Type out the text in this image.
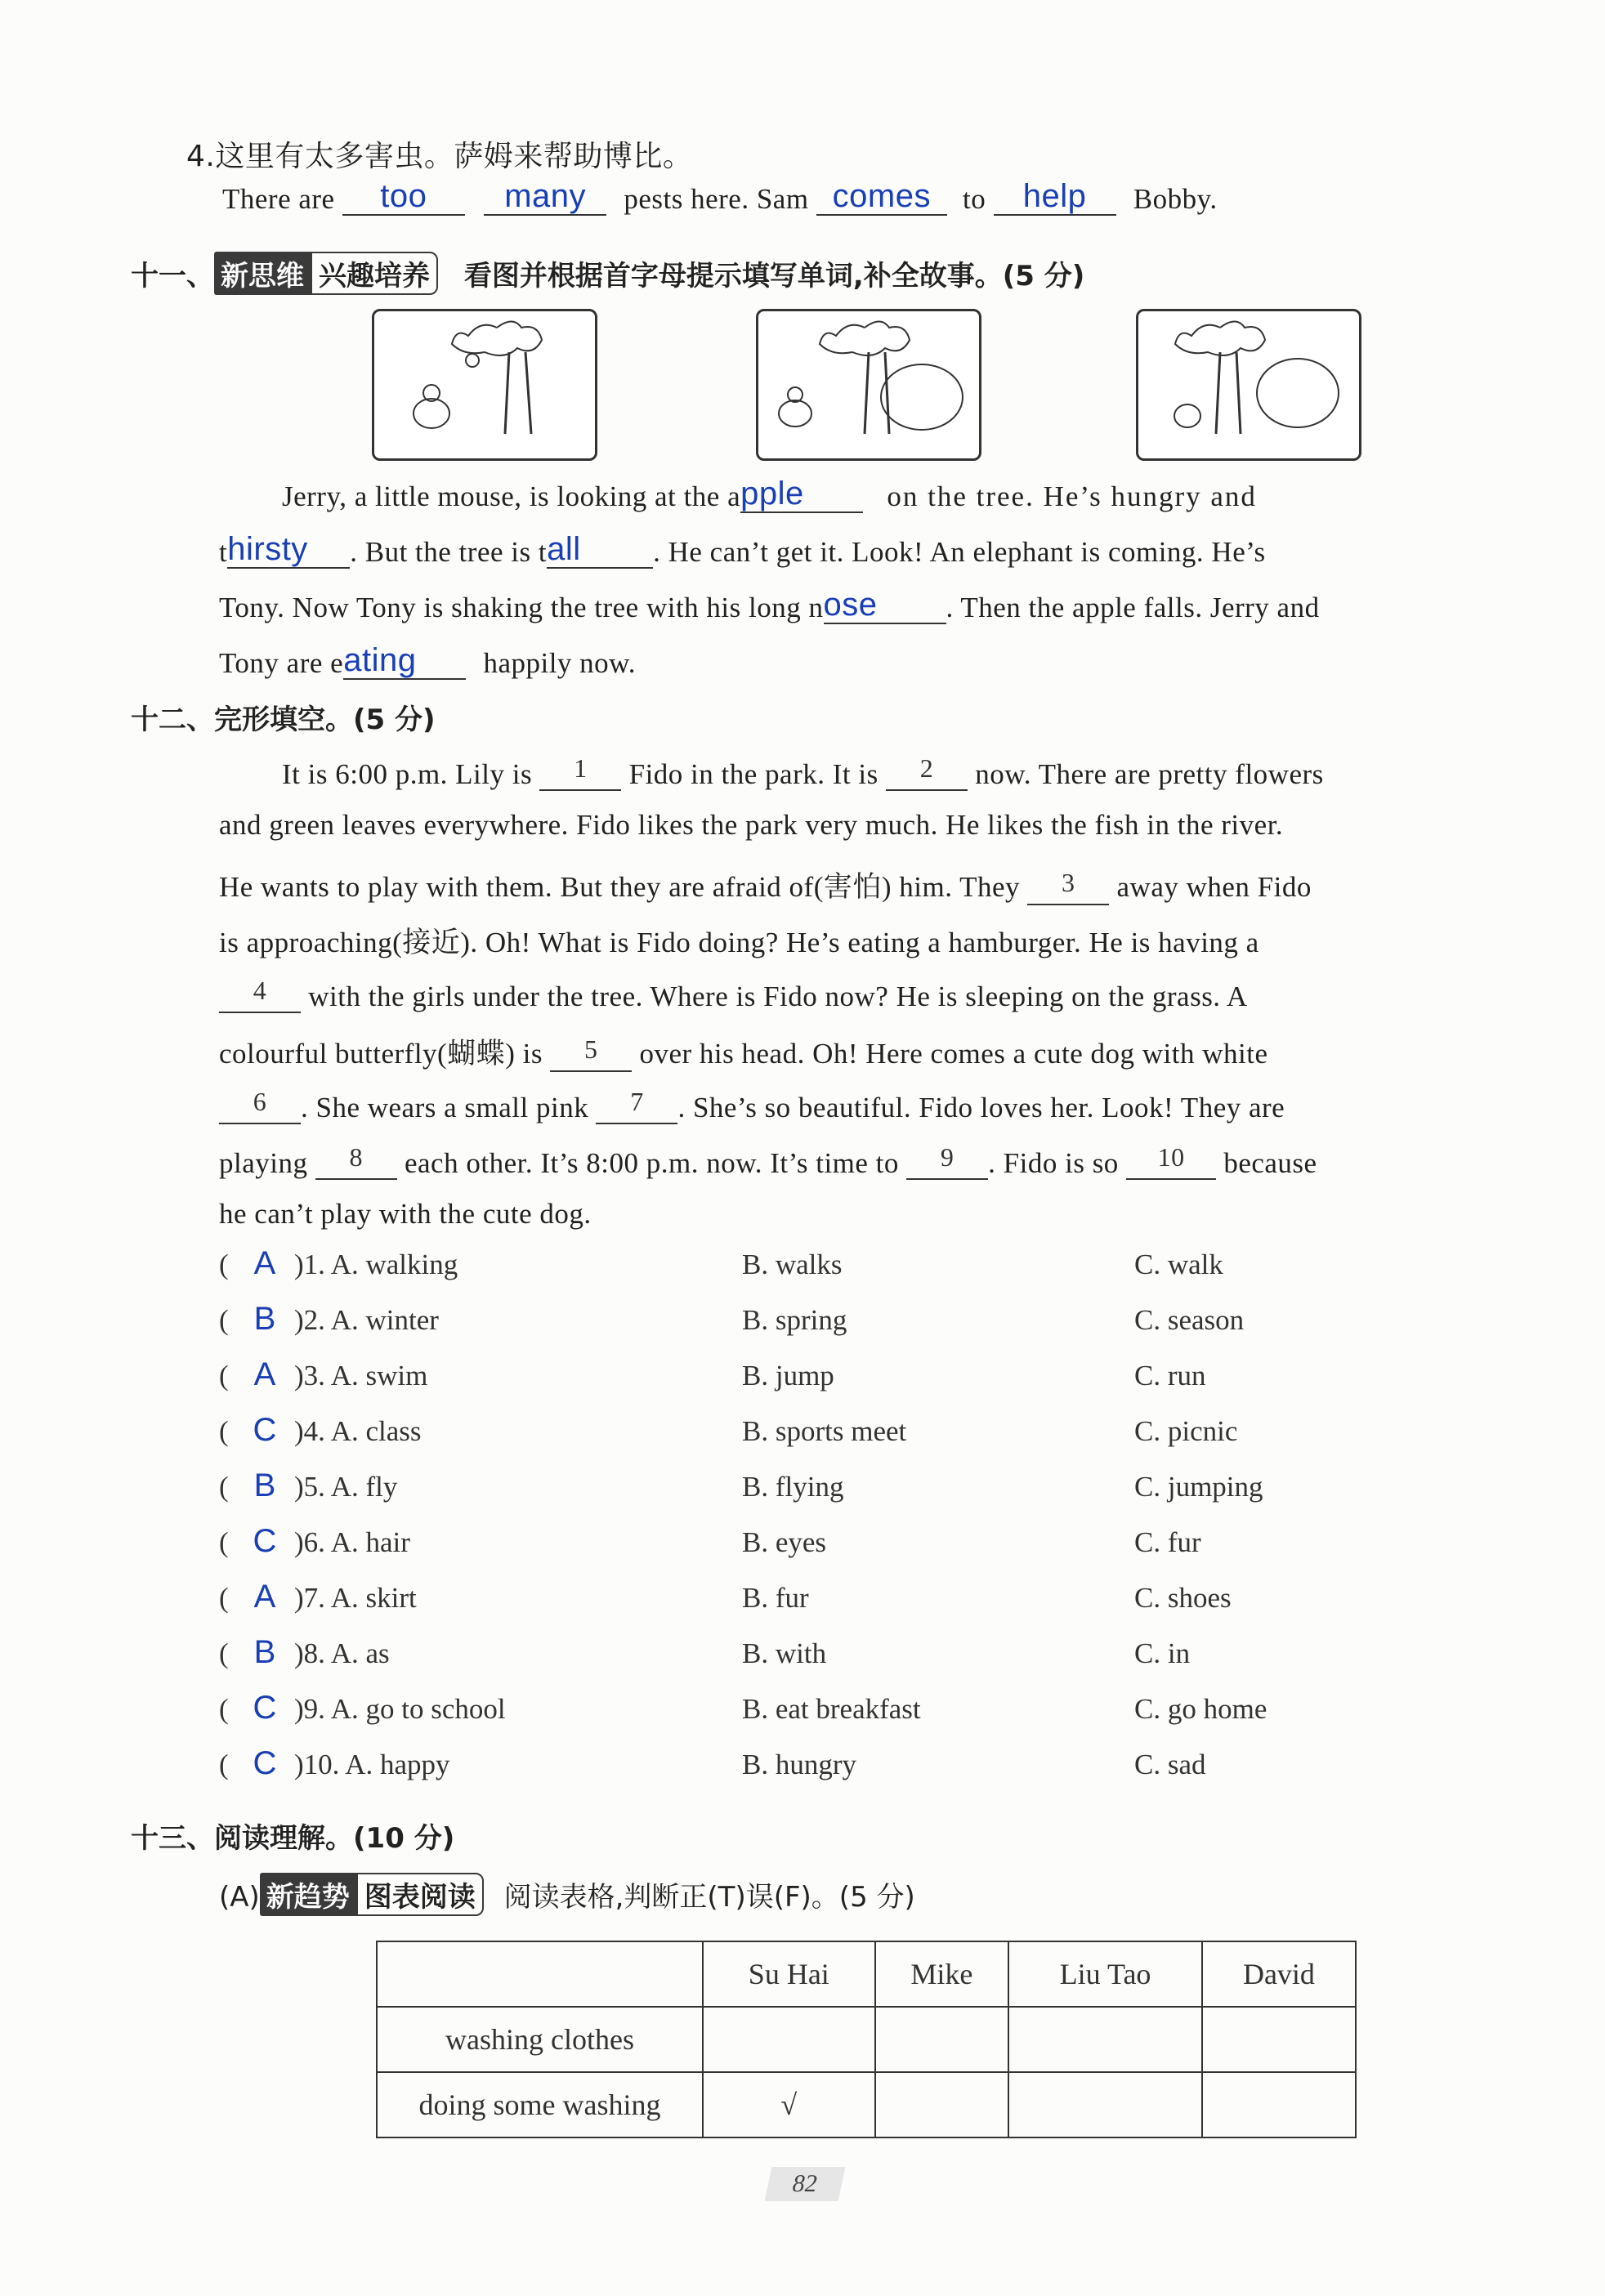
4.这里有太多害虫。萨姆来帮助博比。
There are too many pests here. Sam comes to help Bobby.
十一、 新思维 兴趣培养 看图并根据首字母提示填写单词,补全故事。(5 分)
Jerry, a little mouse, is looking at the apple	on the tree. He’s hungry and
thirsty . But the tree is tall	. He can’t get it. Look! An elephant is coming. He’s
Tony. Now Tony is shaking the tree with his long nose . Then the apple falls. Jerry and
Tony are eating happily now.
十二、完形填空。(5 分)
It is 6:00 p.m. Lily is 1 Fido in the park. It is 2 now. There are pretty flowers
and green leaves everywhere. Fido likes the park very much. He likes the fish in the river.
He wants to play with them. But they are afraid of(害怕) him. They 3 away when Fido
is approaching(接近). Oh! What is Fido doing? He’s eating a hamburger. He is having a
4 with the girls under the tree. Where is Fido now? He is sleeping on the grass. A
colourful butterfly(蝴蝶) is 5 over his head. Oh! Here comes a cute dog with white
6 . She wears a small pink 7 . She’s so beautiful. Fido loves her. Look! They are
playing 8 each other. It’s 8:00 p.m. now. It’s time to 9 . Fido is so 10 because
he can’t play with the cute dog.
( A )1. A. walking	B. walks	C. walk
( B )2. A. winter	B. spring	C. season
( A )3. A. swim	B. jump	C. run
( C )4. A. class	B. sports meet	C. picnic
( B )5. A. fly	B. flying	C. jumping
( C )6. A. hair	B. eyes	C. fur
( A )7. A. skirt	B. fur	C. shoes
( B )8. A. as	B. with	C. in
( C )9. A. go to school	B. eat breakfast	C. go home
( C )10. A. happy	B. hungry	C. sad
十三、阅读理解。(10 分)
(A) 新趋势 图表阅读 阅读表格,判断正(T)误(F)。(5 分)
	Su Hai	Mike	Liu Tao	David
washing clothes				
doing some washing	√			
82
